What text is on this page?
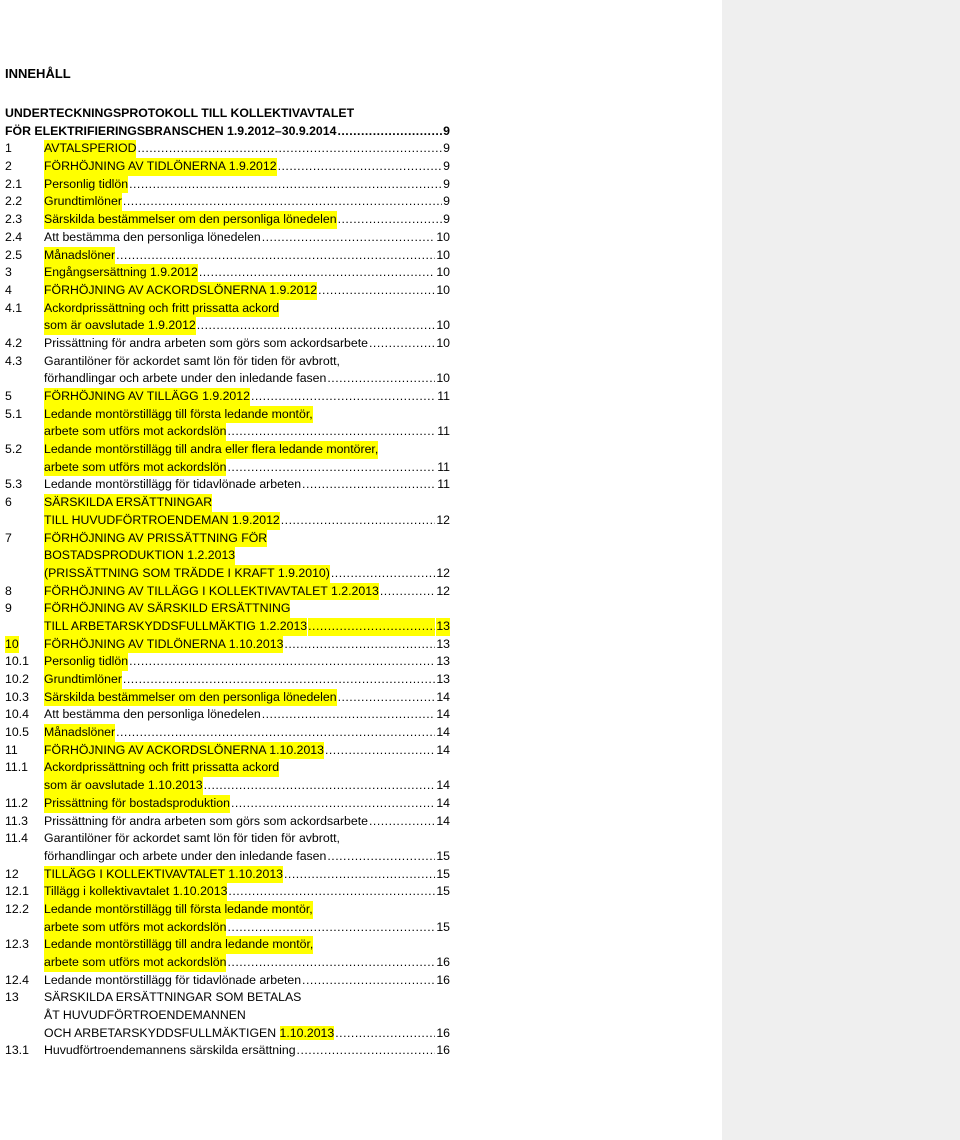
INNEHÅLL
UNDERTECKNINGSPROTOKOLL TILL KOLLEKTIVAVTALET
FÖR ELEKTRIFIERINGSBRANSCHEN 1.9.2012–30.9.2014 .....	9
1	AVTALSPERIOD .....	9
2	FÖRHÖJNING AV TIDLÖNERNA 1.9.2012 .....	9
2.1 Personlig tidlön .....	9
2.2 Grundtimlöner .....	9
2.3 Särskilda bestämmelser om den personliga lönedelen .....	9
2.4 Att bestämma den personliga lönedelen .....	10
2.5 Månadslöner .....	10
3	Engångsersättning 1.9.2012 .....	10
4	FÖRHÖJNING AV ACKORDSLÖNERNA 1.9.2012 .....	10
4.1 Ackordprissättning och fritt prissatta ackord
som är oavslutade 1.9.2012 .....	10
4.2 Prissättning för andra arbeten som görs som ackordsarbete .....	10
4.3 Garantilöner för ackordet samt lön för tiden för avbrott,
förhandlingar och arbete under den inledande fasen .....	10
5	FÖRHÖJNING AV TILLÄGG 1.9.2012 .....	11
5.1 Ledande montörstillägg till första ledande montör,
arbete som utförs mot ackordslön .....	11
5.2 Ledande montörstillägg till andra eller flera ledande montörer,
arbete som utförs mot ackordslön .....	11
5.3 Ledande montörstillägg för tidavlönade arbeten .....	11
6	SÄRSKILDA ERSÄTTNINGAR
TILL HUVUDFÖRTROENDEMAN 1.9.2012 .....	12
7	FÖRHÖJNING AV PRISSÄTTNING FÖR
BOSTADSPRODUKTION 1.2.2013
(PRISSÄTTNING SOM TRÄDDE I KRAFT 1.9.2010) .....	12
8	FÖRHÖJNING AV TILLÄGG I KOLLEKTIVAVTALET 1.2.2013 .....	12
9	FÖRHÖJNING AV SÄRSKILD ERSÄTTNING
TILL ARBETARSKYDDSFULLMÄKTIG 1.2.2013 .....	13
10 FÖRHÖJNING AV TIDLÖNERNA 1.10.2013 .....	13
10.1 Personlig tidlön .....	13
10.2 Grundtimlöner .....	13
10.3 Särskilda bestämmelser om den personliga lönedelen .....	14
10.4 Att bestämma den personliga lönedelen .....	14
10.5 Månadslöner .....	14
11 FÖRHÖJNING AV ACKORDSLÖNERNA 1.10.2013 .....	14
11.1 Ackordprissättning och fritt prissatta ackord
som är oavslutade 1.10.2013 .....	14
11.2 Prissättning för bostadsproduktion .....	14
11.3 Prissättning för andra arbeten som görs som ackordsarbete .....	14
11.4 Garantilöner för ackordet samt lön för tiden för avbrott,
förhandlingar och arbete under den inledande fasen .....	15
12 TILLÄGG I KOLLEKTIVAVTALET 1.10.2013 .....	15
12.1 Tillägg i kollektivavtalet 1.10.2013 .....	15
12.2 Ledande montörstillägg till första ledande montör,
arbete som utförs mot ackordslön .....	15
12.3 Ledande montörstillägg till andra ledande montör,
arbete som utförs mot ackordslön .....	16
12.4 Ledande montörstillägg för tidavlönade arbeten .....	16
13 SÄRSKILDA ERSÄTTNINGAR SOM BETALAS
ÅT HUVUDFÖRTROENDEMANNEN
OCH ARBETARSKYDDSFULLMÄKTIGEN 1.10.2013 .....	16
13.1 Huvudförtroendemannens särskilda ersättning .....	16
